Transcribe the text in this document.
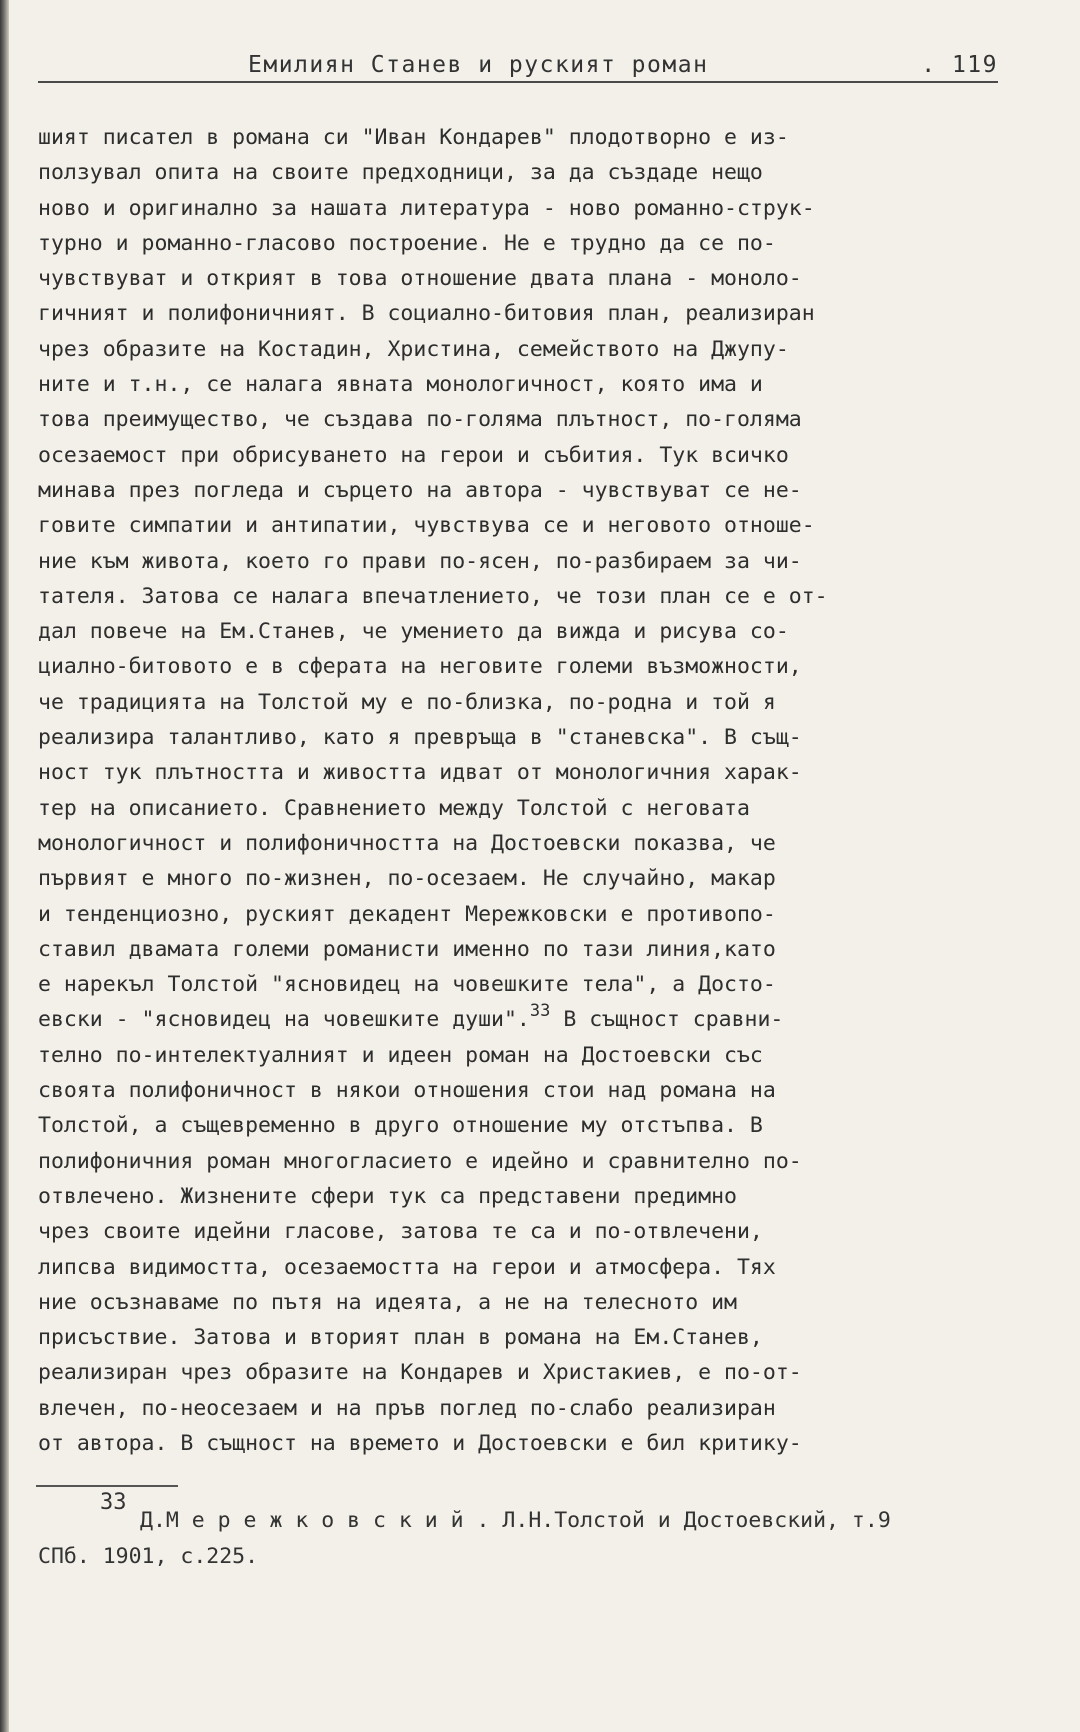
Емилиян Станев и руският роман	. 119
шият писател в романа си "Иван Кондарев" плодотворно е из-
ползувал опита на своите предходници, за да създаде нещо
ново и оригинално за нашата литература - ново романно-струк-
турно и романно-гласово построение. Не е трудно да се по-
чувствуват и открият в това отношение двата плана - моноло-
гичният и полифоничният. В социално-битовия план, реализиран
чрез образите на Костадин, Христина, семейството на Джупу-
ните и т.н., се налага явната монологичност, която има и
това преимущество, че създава по-голяма плътност, по-голяма
осезаемост при обрисуването на герои и събития. Тук всичко
минава през погледа и сърцето на автора - чувствуват се не-
говите симпатии и антипатии, чувствува се и неговото отноше-
ние към живота, което го прави по-ясен, по-разбираем за чи-
тателя. Затова се налага впечатлението, че този план се е от-
дал повече на Ем.Станев, че умението да вижда и рисува со-
циално-битовото е в сферата на неговите големи възможности,
че традицията на Толстой му е по-близка, по-родна и той я
реализира талантливо, като я превръща в "станевска". В същ-
ност тук плътността и живостта идват от монологичния харак-
тер на описанието. Сравнението между Толстой с неговата
монологичност и полифоничността на Достоевски показва, че
първият е много по-жизнен, по-осезаем. Не случайно, макар
и тенденциозно, руският декадент Мережковски е противопо-
ставил двамата големи романисти именно по тази линия,като
е нарекъл Толстой "ясновидец на човешките тела", а Досто-
евски - "ясновидец на човешките души".$^{33}$ В същност сравни-
телно по-интелектуалният и идеен роман на Достоевски със
своята полифоничност в някои отношения стои над романа на
Толстой, а същевременно в друго отношение му отстъпва. В
полифоничния роман многогласието е идейно и сравнително по-
отвлечено. Жизнените сфери тук са представени предимно
чрез своите идейни гласове, затова те са и по-отвлечени,
липсва видимостта, осезаемостта на герои и атмосфера. Тях
ние осъзнаваме по пътя на идеята, а не на телесното им
присъствие. Затова и вторият план в романа на Ем.Станев,
реализиран чрез образите на Кондарев и Христакиев, е по-от-
влечен, по-неосезаем и на пръв поглед по-слабо реализиран
от автора. В същност на времето и Достоевски е бил критику-
33
Д.М е р е ж к о в с к и й . Л.Н.Толстой и Достоевский, т.9
СПб. 1901, с.225.
